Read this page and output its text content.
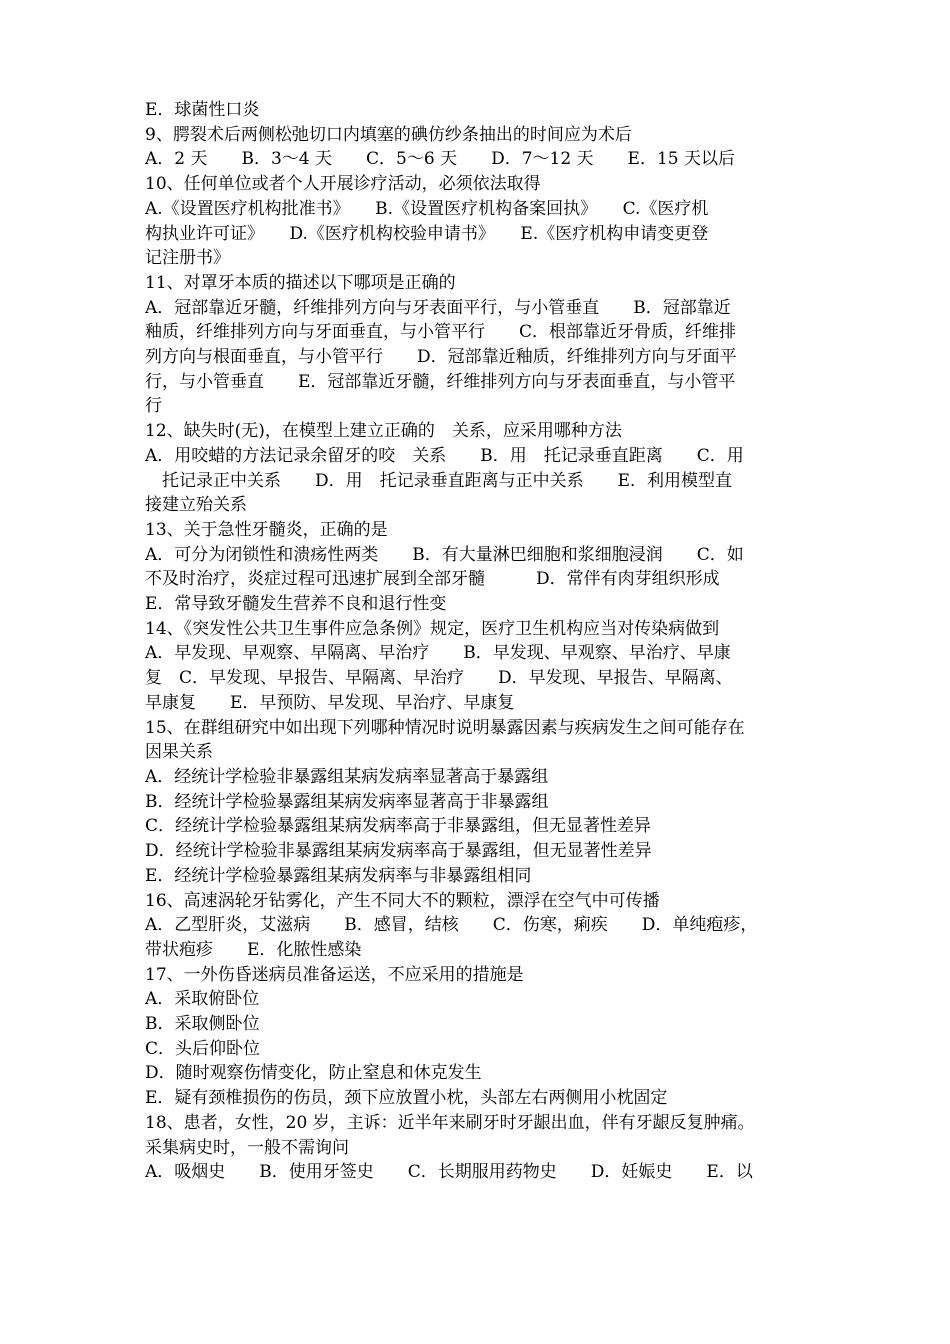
E．球菌性口炎
9、腭裂术后两侧松弛切口内填塞的碘仿纱条抽出的时间应为术后
A．2 天　　B．3～4 天　　C．5～6 天　　D．7～12 天　　E．15 天以后
10、任何单位或者个人开展诊疗活动，必须依法取得
A.《设置医疗机构批准书》　　B.《设置医疗机构备案回执》　　C.《医疗机
构执业许可证》　　D.《医疗机构校验申请书》　　E.《医疗机构申请变更登
记注册书》
11、对罩牙本质的描述以下哪项是正确的
A．冠部靠近牙髓，纤维排列方向与牙表面平行，与小管垂直　　B．冠部靠近
釉质，纤维排列方向与牙面垂直，与小管平行　　C．根部靠近牙骨质，纤维排
列方向与根面垂直，与小管平行　　D．冠部靠近釉质，纤维排列方向与牙面平
行，与小管垂直　　E．冠部靠近牙髓，纤维排列方向与牙表面垂直，与小管平
行
12、缺失时(无)，在模型上建立正确的　关系，应采用哪种方法
A．用咬蜡的方法记录余留牙的咬　关系　　B．用　托记录垂直距离　　C．用
　托记录正中关系　　D．用　托记录垂直距离与正中关系　　E．利用模型直
接建立殆关系
13、关于急性牙髓炎，正确的是
A．可分为闭锁性和溃疡性两类　　B．有大量淋巴细胞和浆细胞浸润　　C．如
不及时治疗，炎症过程可迅速扩展到全部牙髓　　　D．常伴有肉芽组织形成
E．常导致牙髓发生营养不良和退行性变
14、《突发性公共卫生事件应急条例》规定，医疗卫生机构应当对传染病做到
A．早发现、早观察、早隔离、早治疗　　B．早发现、早观察、早治疗、早康
复　C．早发现、早报告、早隔离、早治疗　　D．早发现、早报告、早隔离、
早康复　　E．早预防、早发现、早治疗、早康复
15、在群组研究中如出现下列哪种情况时说明暴露因素与疾病发生之间可能存在
因果关系
A．经统计学检验非暴露组某病发病率显著高于暴露组
B．经统计学检验暴露组某病发病率显著高于非暴露组
C．经统计学检验暴露组某病发病率高于非暴露组，但无显著性差异
D．经统计学检验非暴露组某病发病率高于暴露组，但无显著性差异
E．经统计学检验暴露组某病发病率与非暴露组相同
16、高速涡轮牙钻雾化，产生不同大不的颗粒，漂浮在空气中可传播
A．乙型肝炎，艾滋病　　B．感冒，结核　　C．伤寒，痢疾　　D．单纯疱疹，
带状疱疹　　E．化脓性感染
17、一外伤昏迷病员准备运送，不应采用的措施是
A．采取俯卧位
B．采取侧卧位
C．头后仰卧位
D．随时观察伤情变化，防止窒息和休克发生
E．疑有颈椎损伤的伤员，颈下应放置小枕，头部左右两侧用小枕固定
18、患者，女性，20 岁，主诉：近半年来刷牙时牙龈出血，伴有牙龈反复肿痛。
采集病史时，一般不需询问
A．吸烟史　　B．使用牙签史　　C．长期服用药物史　　D．妊娠史　　E．以
